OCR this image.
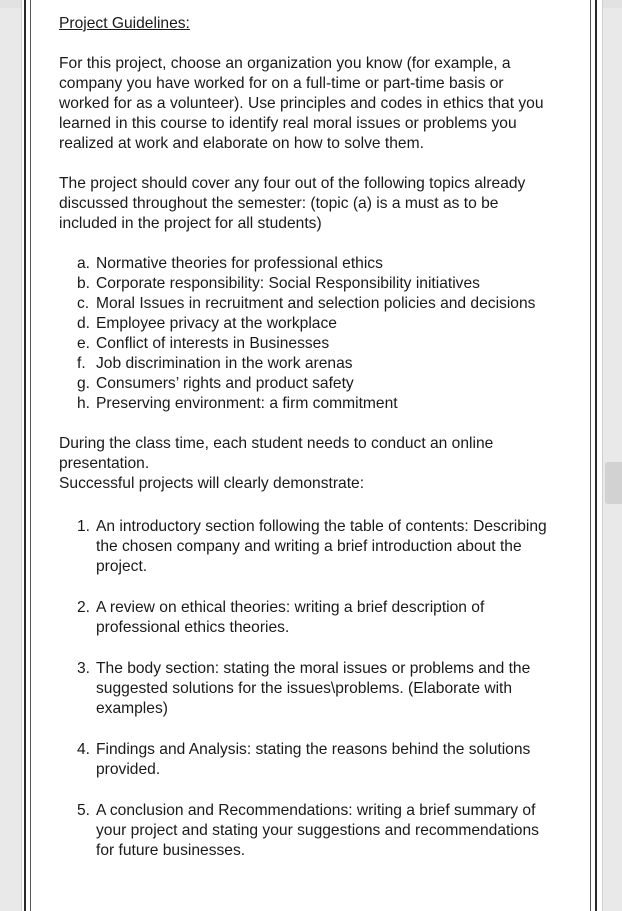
Project Guidelines:

For this project, choose an organization you know (for example, a company you have worked for on a full-time or part-time basis or worked for as a volunteer). Use principles and codes in ethics that you learned in this course to identify real moral issues or problems you realized at work and elaborate on how to solve them.

The project should cover any four out of the following topics already discussed throughout the semester: (topic (a) is a must as to be included in the project for all students)

a. Normative theories for professional ethics
b. Corporate responsibility: Social Responsibility initiatives
c. Moral Issues in recruitment and selection policies and decisions
d. Employee privacy at the workplace
e. Conflict of interests in Businesses
f. Job discrimination in the work arenas
g. Consumers’ rights and product safety
h. Preserving environment: a firm commitment

During the class time, each student needs to conduct an online presentation.

Successful projects will clearly demonstrate:

1. An introductory section following the table of contents: Describing the chosen company and writing a brief introduction about the project.
2. A review on ethical theories: writing a brief description of professional ethics theories.
3. The body section: stating the moral issues or problems and the suggested solutions for the issues\problems. (Elaborate with examples)
4. Findings and Analysis: stating the reasons behind the solutions provided.
5. A conclusion and Recommendations: writing a brief summary of your project and stating your suggestions and recommendations for future businesses.
